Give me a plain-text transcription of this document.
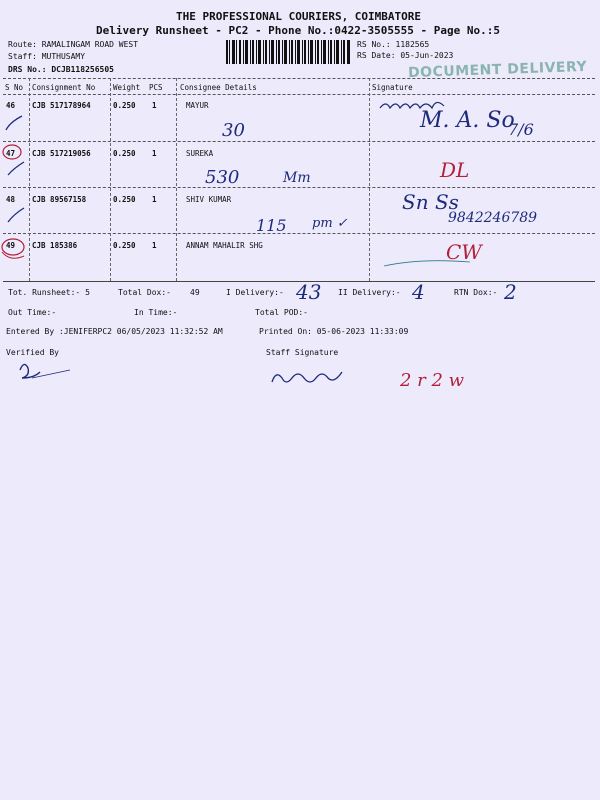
THE PROFESSIONAL COURIERS, COIMBATORE
Delivery Runsheet - PC2 - Phone No.:0422-3505555 - Page No.:5
Route: RAMALINGAM ROAD WEST
Staff: MUTHUSAMY
DRS No.: DCJB118256505
RS No.: 1182565
RS Date: 05-Jun-2023
DOCUMENT DELIVERY
S No Consignment No Weight PCS Consignee Details	Signature
46 CJB 517178964	0.250 1	MAYUR
47 CJB 517219056	0.250 1	SUREKA
48 CJB 89567158	0.250 1	SHIV KUMAR
49 CJB 185386	0.250 1	ANNAM MAHALIR SHG
30	M. A. So
7/6
530	Mm	DL
115 pm ✓
Sn Ss
9842246789
CW
Tot. Runsheet:- 5	Total Dox:- 49	I Delivery:- 43 II Delivery:- 4	RTN Dox:- 2
Out Time:-	In Time:-	Total POD:-
Entered By :JENIFERPC2 06/05/2023 11:32:52 AM	Printed On: 05-06-2023 11:33:09
Verified By	Staff Signature
2 r 2 w
